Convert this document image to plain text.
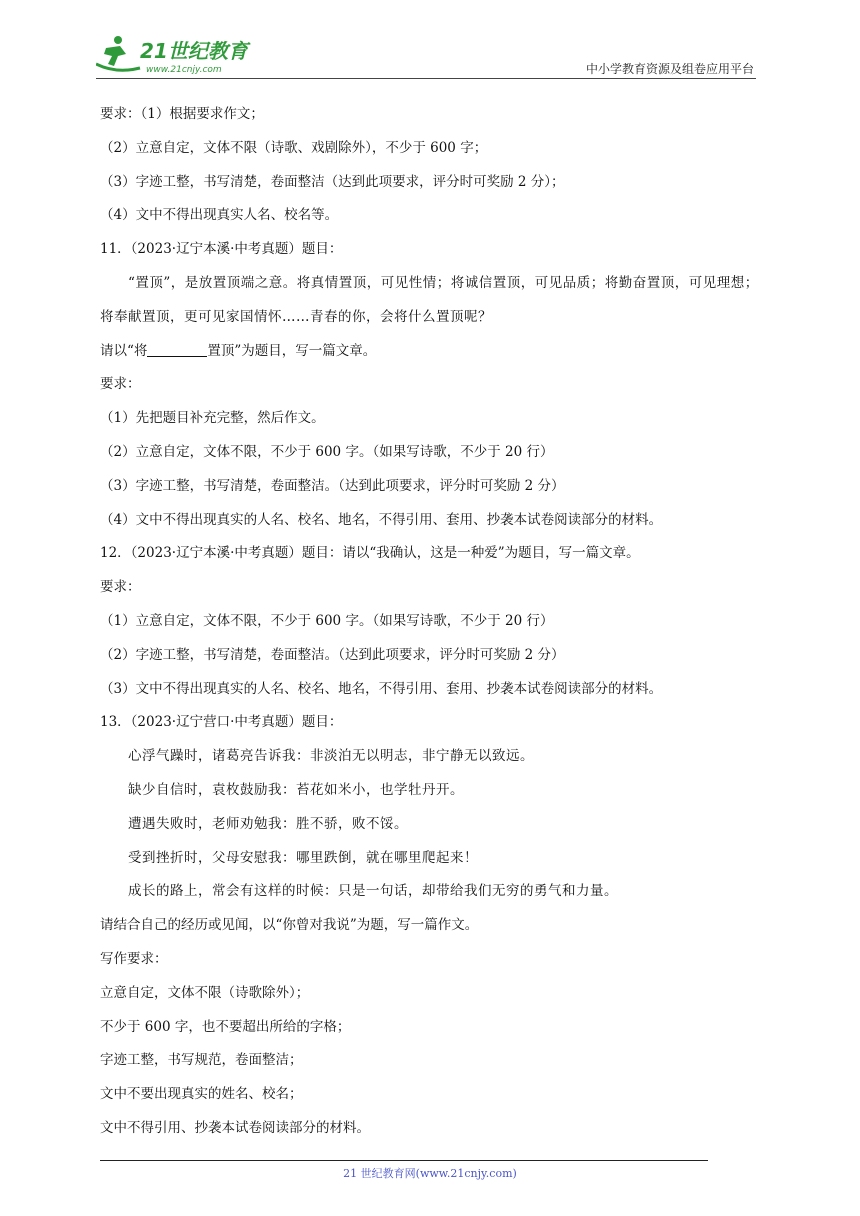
21世纪教育
www.21cnjy.com	中小学教育资源及组卷应用平台
要求：（1）根据要求作文；
（2）立意自定，文体不限（诗歌、戏剧除外），不少于 600 字；
（3）字迹工整，书写清楚，卷面整洁（达到此项要求，评分时可奖励 2 分）；
（4）文中不得出现真实人名、校名等。
11．（2023·辽宁本溪·中考真题）题目：
“置顶”，是放置顶端之意。将真情置顶，可见性情；将诚信置顶，可见品质；将勤奋置顶，可见理想；将奉献置顶，更可见家国情怀……青春的你，会将什么置顶呢？
请以“将	置顶”为题目，写一篇文章。
要求：
（1）先把题目补充完整，然后作文。
（2）立意自定，文体不限，不少于 600 字。（如果写诗歌，不少于 20 行）
（3）字迹工整，书写清楚，卷面整洁。（达到此项要求，评分时可奖励 2 分）
（4）文中不得出现真实的人名、校名、地名，不得引用、套用、抄袭本试卷阅读部分的材料。
12．（2023·辽宁本溪·中考真题）题目：请以“我确认，这是一种爱”为题目，写一篇文章。
要求：
（1）立意自定，文体不限，不少于 600 字。（如果写诗歌，不少于 20 行）
（2）字迹工整，书写清楚，卷面整洁。（达到此项要求，评分时可奖励 2 分）
（3）文中不得出现真实的人名、校名、地名，不得引用、套用、抄袭本试卷阅读部分的材料。
13．（2023·辽宁营口·中考真题）题目：
心浮气躁时，诸葛亮告诉我：非淡泊无以明志，非宁静无以致远。
缺少自信时，袁枚鼓励我：苔花如米小，也学牡丹开。
遭遇失败时，老师劝勉我：胜不骄，败不馁。
受到挫折时，父母安慰我：哪里跌倒，就在哪里爬起来！
成长的路上，常会有这样的时候：只是一句话，却带给我们无穷的勇气和力量。
请结合自己的经历或见闻，以“你曾对我说”为题，写一篇作文。
写作要求：
立意自定，文体不限（诗歌除外）；
不少于 600 字，也不要超出所给的字格；
字迹工整，书写规范，卷面整洁；
文中不要出现真实的姓名、校名；
文中不得引用、抄袭本试卷阅读部分的材料。
21 世纪教育网(www.21cnjy.com)
